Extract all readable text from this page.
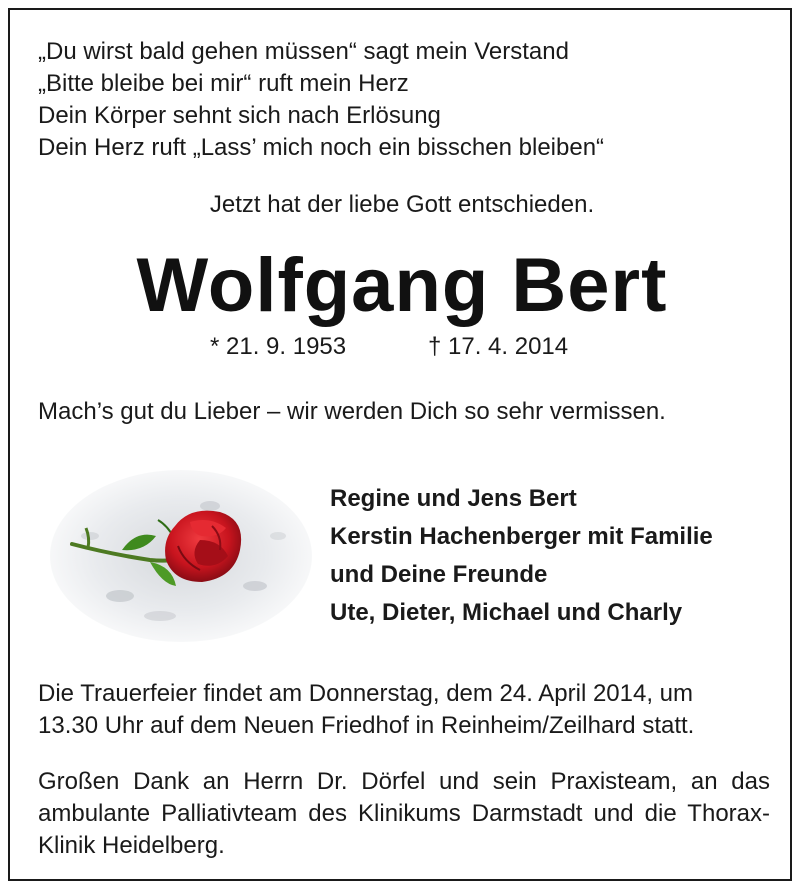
„Du wirst bald gehen müssen“ sagt mein Verstand
„Bitte bleibe bei mir“ ruft mein Herz
Dein Körper sehnt sich nach Erlösung
Dein Herz ruft „Lass’ mich noch ein bisschen bleiben“
Jetzt hat der liebe Gott entschieden.
Wolfgang Bert
* 21. 9. 1953	† 17. 4. 2014
Mach’s gut du Lieber – wir werden Dich so sehr vermissen.
Regine und Jens Bert
Kerstin Hachenberger mit Familie
und Deine Freunde
Ute, Dieter, Michael und Charly
Die Trauerfeier findet am Donnerstag, dem 24. April 2014, um
13.30 Uhr auf dem Neuen Friedhof in Reinheim/Zeilhard statt.
Großen Dank an Herrn Dr. Dörfel und sein Praxisteam, an das ambulante Palliativteam des Klinikums Darmstadt und die Thorax-Klinik Heidelberg.
